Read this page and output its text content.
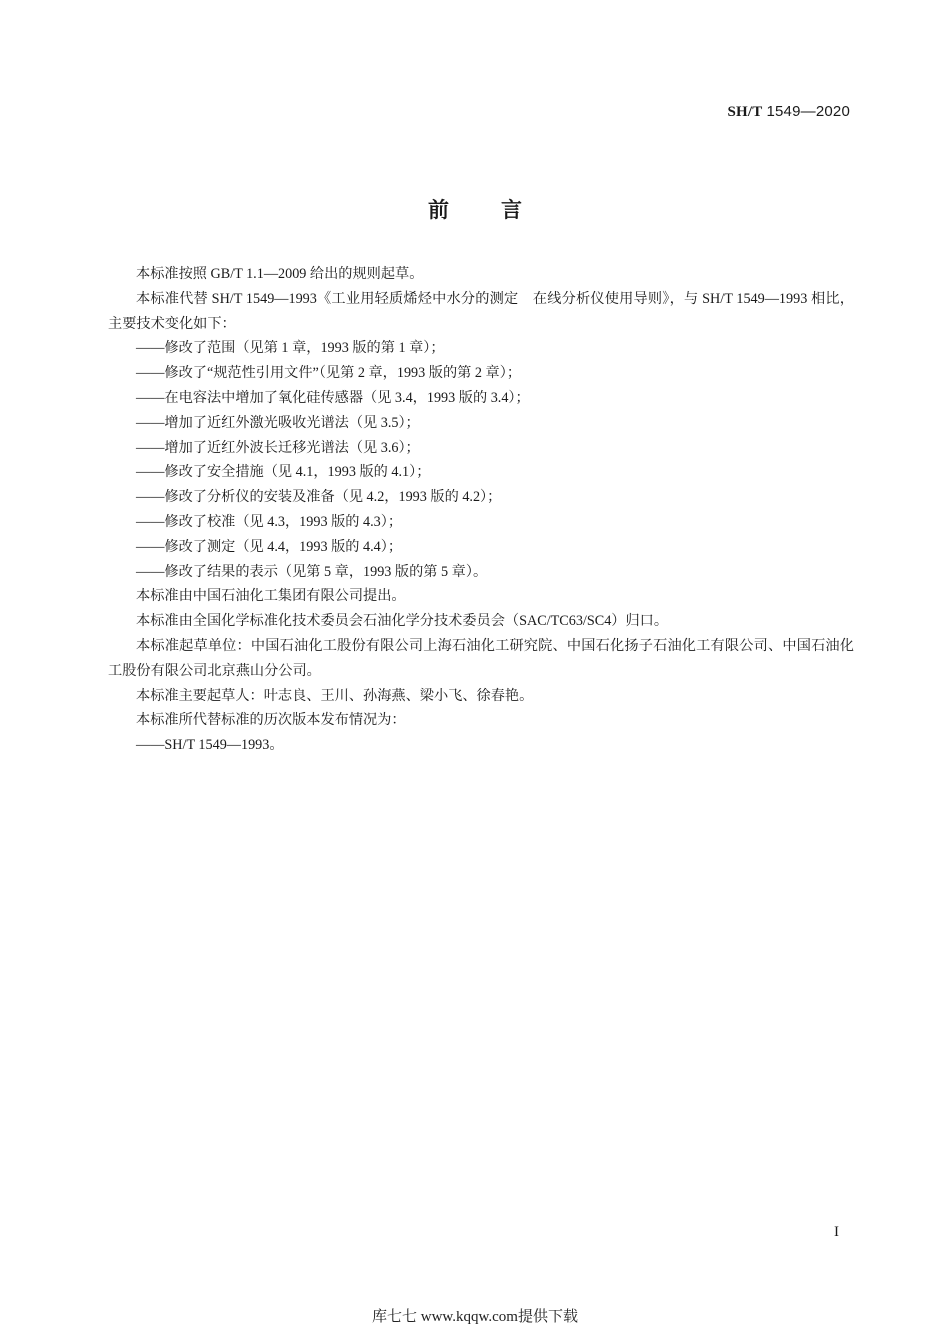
SH/T 1549—2020
前 言

本标准按照 GB/T 1.1—2009 给出的规则起草。

本标准代替 SH/T 1549—1993《工业用轻质烯烃中水分的测定　在线分析仪使用导则》，与 SH/T 1549—1993 相比，主要技术变化如下：

——修改了范围（见第 1 章，1993 版的第 1 章）；

——修改了“规范性引用文件”（见第 2 章，1993 版的第 2 章）；

——在电容法中增加了氧化硅传感器（见 3.4，1993 版的 3.4）；

——增加了近红外激光吸收光谱法（见 3.5）；

——增加了近红外波长迁移光谱法（见 3.6）；

——修改了安全措施（见 4.1，1993 版的 4.1）；

——修改了分析仪的安装及准备（见 4.2，1993 版的 4.2）；

——修改了校准（见 4.3，1993 版的 4.3）；

——修改了测定（见 4.4，1993 版的 4.4）；

——修改了结果的表示（见第 5 章，1993 版的第 5 章）。

本标准由中国石油化工集团有限公司提出。

本标准由全国化学标准化技术委员会石油化学分技术委员会（SAC/TC63/SC4）归口。

本标准起草单位：中国石油化工股份有限公司上海石油化工研究院、中国石化扬子石油化工有限公司、中国石油化工股份有限公司北京燕山分公司。

本标准主要起草人：叶志良、王川、孙海燕、梁小飞、徐春艳。

本标准所代替标准的历次版本发布情况为：

——SH/T 1549—1993。

I
库七七 www.kqqw.com提供下载
